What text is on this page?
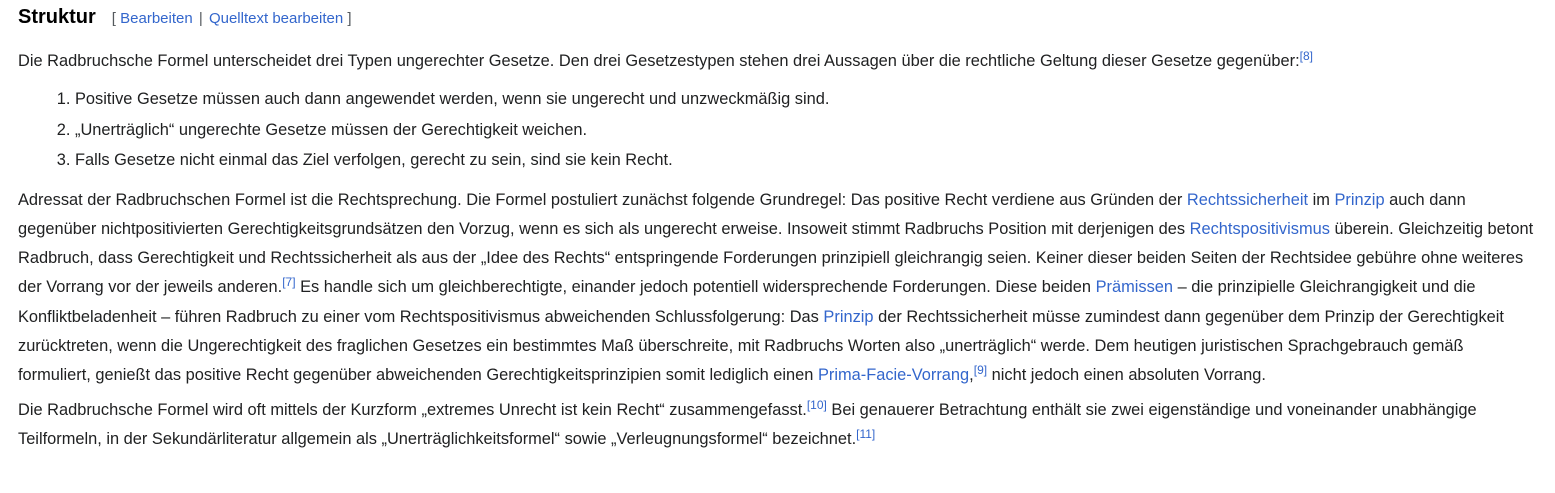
Struktur [ Bearbeiten | Quelltext bearbeiten ]

Die Radbruchsche Formel unterscheidet drei Typen ungerechter Gesetze. Den drei Gesetzestypen stehen drei Aussagen über die rechtliche Geltung dieser Gesetze gegenüber:[8]

1. Positive Gesetze müssen auch dann angewendet werden, wenn sie ungerecht und unzweckmäßig sind.
2. „Unerträglich“ ungerechte Gesetze müssen der Gerechtigkeit weichen.
3. Falls Gesetze nicht einmal das Ziel verfolgen, gerecht zu sein, sind sie kein Recht.

Adressat der Radbruchschen Formel ist die Rechtsprechung. Die Formel postuliert zunächst folgende Grundregel: Das positive Recht verdiene aus Gründen der Rechtssicherheit im Prinzip auch dann gegenüber nichtpositivierten Gerechtigkeitsgrundsätzen den Vorzug, wenn es sich als ungerecht erweise. Insoweit stimmt Radbruchs Position mit derjenigen des Rechtspositivismus überein. Gleichzeitig betont Radbruch, dass Gerechtigkeit und Rechtssicherheit als aus der „Idee des Rechts“ entspringende Forderungen prinzipiell gleichrangig seien. Keiner dieser beiden Seiten der Rechtsidee gebühre ohne weiteres der Vorrang vor der jeweils anderen.[7] Es handle sich um gleichberechtigte, einander jedoch potentiell widersprechende Forderungen. Diese beiden Prämissen – die prinzipielle Gleichrangigkeit und die Konfliktbeladenheit – führen Radbruch zu einer vom Rechtspositivismus abweichenden Schlussfolgerung: Das Prinzip der Rechtssicherheit müsse zumindest dann gegenüber dem Prinzip der Gerechtigkeit zurücktreten, wenn die Ungerechtigkeit des fraglichen Gesetzes ein bestimmtes Maß überschreite, mit Radbruchs Worten also „unerträglich“ werde. Dem heutigen juristischen Sprachgebrauch gemäß formuliert, genießt das positive Recht gegenüber abweichenden Gerechtigkeitsprinzipien somit lediglich einen Prima-Facie-Vorrang,[9] nicht jedoch einen absoluten Vorrang.

Die Radbruchsche Formel wird oft mittels der Kurzform „extremes Unrecht ist kein Recht“ zusammengefasst.[10] Bei genauerer Betrachtung enthält sie zwei eigenständige und voneinander unabhängige Teilformeln, in der Sekundärliteratur allgemein als „Unerträglichkeitsformel“ sowie „Verleugnungsformel“ bezeichnet.[11]
